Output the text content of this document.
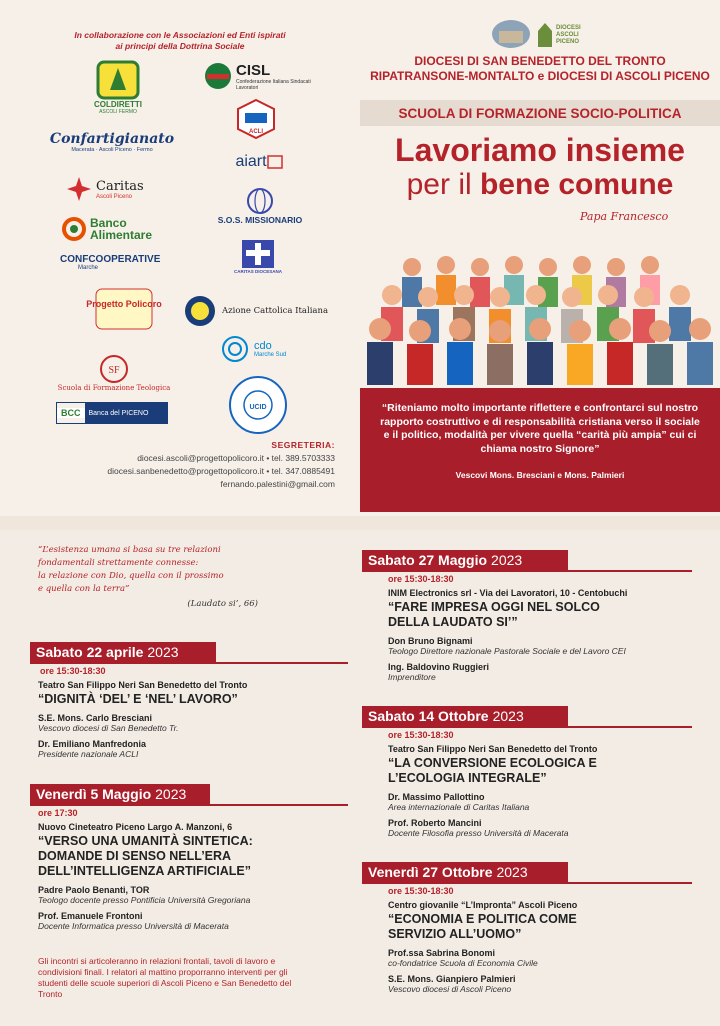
In collaborazione con le Associazioni ed Enti ispirati ai principi della Dottrina Sociale
COLDIRETTI
ASCOLI FERMO
CISL
Confederazione Italiana Sindacati Lavoratori
Confartigianato
Macerata · Ascoli Piceno · Fermo
ACLI
Caritas
Ascoli Piceno
aiart
S.O.S. MISSIONARIO
Banco Alimentare
CARITAS DIOCESANA
CONFCOOPERATIVE
Marche
Progetto Policoro
Azione Cattolica Italiana
cdo
Marche Sud
SF
Scuola di Formazione Teologica
UCID
BCC	Banca del PICENO
SEGRETERIA:
diocesi.ascoli@progettopolicoro.it • tel. 389.5703333
diocesi.sanbenedetto@progettopolicoro.it • tel. 347.0885491
fernando.palestini@gmail.com
DIOCESI ASCOLI PICENO
DIOCESI DI SAN BENEDETTO DEL TRONTO
RIPATRANSONE-MONTALTO e DIOCESI DI ASCOLI PICENO
SCUOLA DI FORMAZIONE SOCIO-POLITICA
Lavoriamo insieme
per il bene comune
Papa Francesco
“Riteniamo molto importante riflettere e confrontarci sul nostro rapporto costruttivo e di responsabilità cristiana verso il sociale e il politico, modalità per vivere quella “carità più ampia” cui ci chiama nostro Signore”
Vescovi Mons. Bresciani e Mons. Palmieri
“L’esistenza umana si basa su tre relazioni
fondamentali strettamente connesse:
la relazione con Dio, quella con il prossimo
e quella con la terra”
(Laudato si’, 66)
Sabato 22 aprile 2023
ore 15:30-18:30
Teatro San Filippo Neri San Benedetto del Tronto
“DIGNITÀ ‘DEL’ E ‘NEL’ LAVORO”
S.E. Mons. Carlo Bresciani
Vescovo diocesi di San Benedetto Tr.
Dr. Emiliano Manfredonia
Presidente nazionale ACLI
Venerdì 5 Maggio 2023
ore 17:30
Nuovo Cineteatro Piceno Largo A. Manzoni, 6
“VERSO UNA UMANITÀ SINTETICA: DOMANDE DI SENSO NELL’ERA DELL’INTELLIGENZA ARTIFICIALE”
Padre Paolo Benanti, TOR
Teologo docente presso Pontificia Università Gregoriana
Prof. Emanuele Frontoni
Docente Informatica presso Università di Macerata
Sabato 27 Maggio 2023
ore 15:30-18:30
INIM Electronics srl - Via dei Lavoratori, 10 - Centobuchi
“FARE IMPRESA OGGI NEL SOLCO DELLA LAUDATO SI’”
Don Bruno Bignami
Teologo Direttore nazionale Pastorale Sociale e del Lavoro CEI
Ing. Baldovino Ruggieri
Imprenditore
Sabato 14 Ottobre 2023
ore 15:30-18:30
Teatro San Filippo Neri San Benedetto del Tronto
“LA CONVERSIONE ECOLOGICA E L’ECOLOGIA INTEGRALE”
Dr. Massimo Pallottino
Area internazionale di Caritas Italiana
Prof. Roberto Mancini
Docente Filosofia presso Università di Macerata
Venerdì 27 Ottobre 2023
ore 15:30-18:30
Centro giovanile “L’Impronta” Ascoli Piceno
“ECONOMIA E POLITICA COME SERVIZIO ALL’UOMO”
Prof.ssa Sabrina Bonomi
co-fondatrice Scuola di Economia Civile
S.E. Mons. Gianpiero Palmieri
Vescovo diocesi di Ascoli Piceno
Gli incontri si articoleranno in relazioni frontali, tavoli di lavoro e condivisioni finali. I relatori al mattino proporranno interventi per gli studenti delle scuole superiori di Ascoli Piceno e San Benedetto del Tronto
